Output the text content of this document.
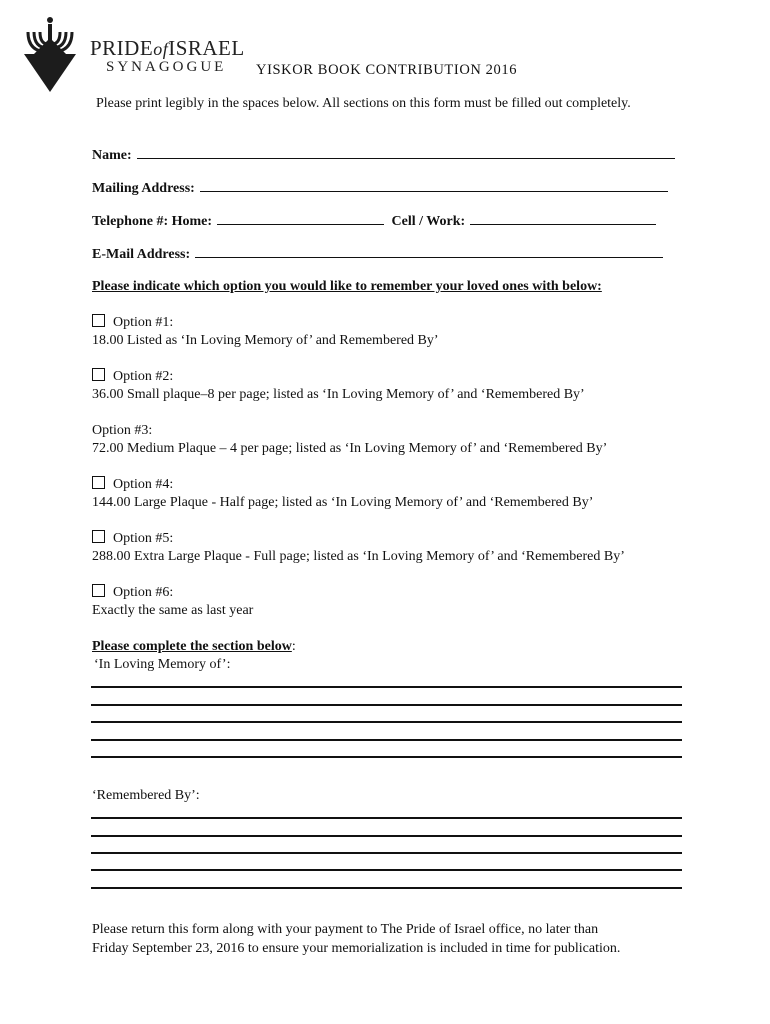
PRIDEofISRAEL
SYNAGOGUE YISKOR BOOK CONTRIBUTION 2016
Please print legibly in the spaces below. All sections on this form must be filled out completely.
Name:
Mailing Address:
Telephone #: Home:	Cell / Work:
E-Mail Address:
Please indicate which option you would like to remember your loved ones with below:
Option #1:
18.00 Listed as ‘In Loving Memory of’ and Remembered By’
Option #2:
36.00 Small plaque–8 per page; listed as ‘In Loving Memory of’ and ‘Remembered By’
Option #3:
72.00 Medium Plaque – 4 per page; listed as ‘In Loving Memory of’ and ‘Remembered By’
Option #4:
144.00 Large Plaque - Half page; listed as ‘In Loving Memory of’ and ‘Remembered By’
Option #5:
288.00 Extra Large Plaque - Full page; listed as ‘In Loving Memory of’ and ‘Remembered By’
Option #6:
Exactly the same as last year
Please complete the section below:
‘In Loving Memory of’:
‘Remembered By’:
Please return this form along with your payment to The Pride of Israel office, no later than
Friday September 23, 2016 to ensure your memorialization is included in time for publication.
